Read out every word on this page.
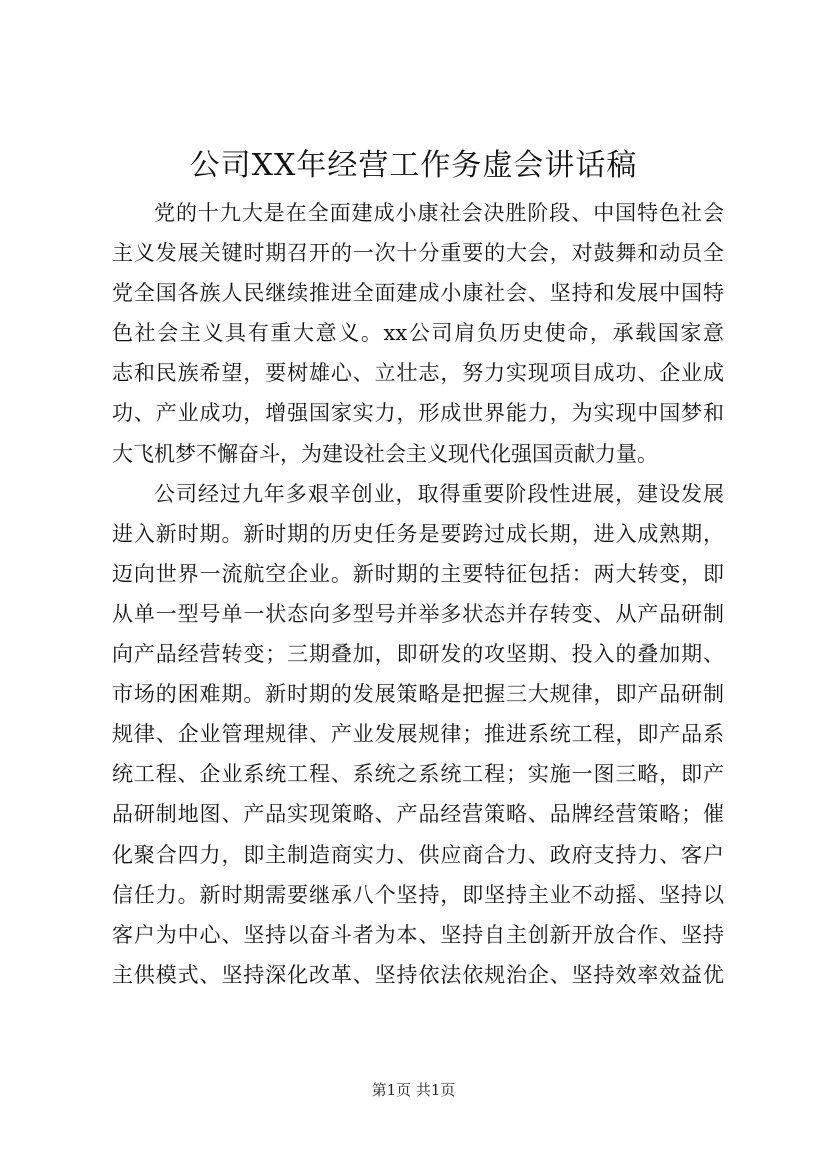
公司XX年经营工作务虚会讲话稿
党的十九大是在全面建成小康社会决胜阶段、中国特色社会
主义发展关键时期召开的一次十分重要的大会，对鼓舞和动员全
党全国各族人民继续推进全面建成小康社会、坚持和发展中国特
色社会主义具有重大意义。xx公司肩负历史使命，承载国家意
志和民族希望，要树雄心、立壮志，努力实现项目成功、企业成
功、产业成功，增强国家实力，形成世界能力，为实现中国梦和
大飞机梦不懈奋斗，为建设社会主义现代化强国贡献力量。
公司经过九年多艰辛创业，取得重要阶段性进展，建设发展
进入新时期。新时期的历史任务是要跨过成长期，进入成熟期，
迈向世界一流航空企业。新时期的主要特征包括：两大转变，即
从单一型号单一状态向多型号并举多状态并存转变、从产品研制
向产品经营转变；三期叠加，即研发的攻坚期、投入的叠加期、
市场的困难期。新时期的发展策略是把握三大规律，即产品研制
规律、企业管理规律、产业发展规律；推进系统工程，即产品系
统工程、企业系统工程、系统之系统工程；实施一图三略，即产
品研制地图、产品实现策略、产品经营策略、品牌经营策略；催
化聚合四力，即主制造商实力、供应商合力、政府支持力、客户
信任力。新时期需要继承八个坚持，即坚持主业不动摇、坚持以
客户为中心、坚持以奋斗者为本、坚持自主创新开放合作、坚持
主供模式、坚持深化改革、坚持依法依规治企、坚持效率效益优
第1页 共1页
